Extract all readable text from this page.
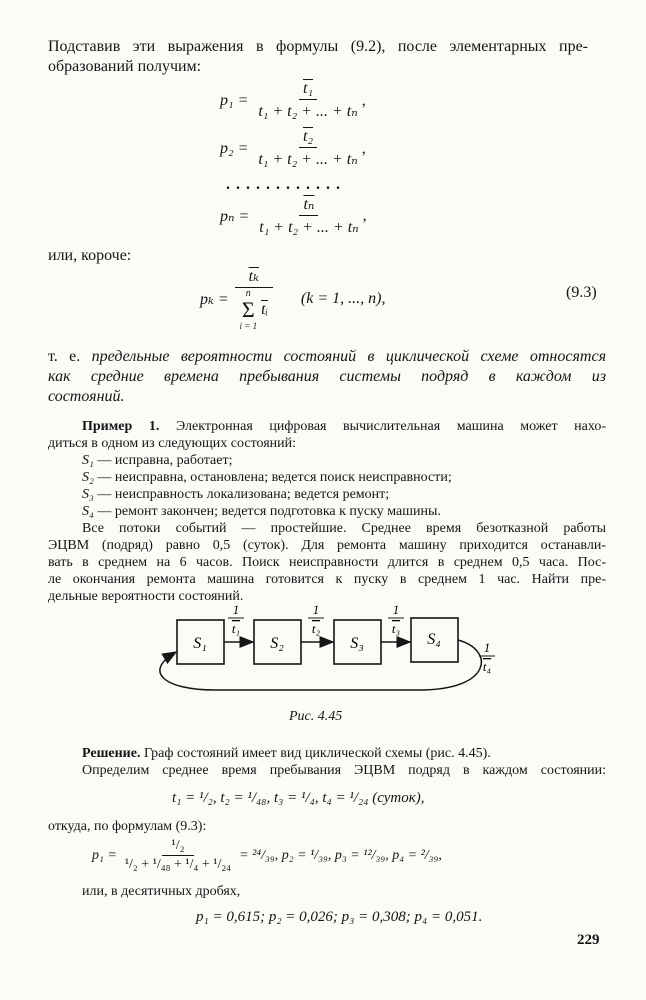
Подставив эти выражения в формулы (9.2), после элементарных пре-
образований получим:
$p_1 = \frac{\text{t₁}}{\text{t₁ + t₂ + ... + tₙ}}$ ,
$p_2 = \frac{\text{t₂}}{\text{t₁ + t₂ + ... + tₙ}}$ ,
. . . . . . . . . . . .
$p_n = \frac{\overline{t_n}}{\text{t₁ + t₂ + ... + tₙ}}$ ,
или, короче:
$p_k = \overline{t_k}$
n
Σ
i = 1
$\overline{tᵢ}$ (k = 1, ..., n),	(9.3)
т. е. предельные вероятности состояний в циклической схеме относятся
как средние времена пребывания системы подряд в каждом из
состояний.
Пример 1. Электронная цифровая вычислительная машина может нахо-
диться в одном из следующих состояний:
S₁ — исправна, работает;
S₂ — неисправна, остановлена; ведется поиск неисправности;
S₃ — неисправность локализована; ведется ремонт;
S₄ — ремонт закончен; ведется подготовка к пуску машины.
Все потоки событий — простейшие. Среднее время безотказной работы
ЭЦВМ (подряд) равно 0,5 (суток). Для ремонта машину приходится останавли-
вать в среднем на 6 часов. Поиск неисправности длится в среднем 0,5 часа. Пос-
ле окончания ремонта машина готовится к пуску в среднем 1 час. Найти пре-
дельные вероятности состояний.
S₁	S₂	S₃	S₄
1
t₁
1
t₂
1
t₃
1
t₄
Рис. 4.45
Решение. Граф состояний имеет вид циклической схемы (рис. 4.45).
Определим среднее время пребывания ЭЦВМ подряд в каждом состоянии:
t₁ = ¹/₂, t₂ = ¹/₄₈, t₃ = ¹/₄, t₄ = ¹/₂₄ (суток),
откуда, по формулам (9.3):
$p_1 = \frac{\text{¹/₂}}{\text{¹/₂ + ¹/₄₈ + ¹/₄ + ¹/₂₄}} = ^{24}/_{39}$, p₂ = ¹/₃₉, p₃ = ¹²/₃₉, p₄ = ²/₃₉,
или, в десятичных дробях,
p₁ = 0,615; p₂ = 0,026; p₃ = 0,308; p₄ = 0,051.
229
